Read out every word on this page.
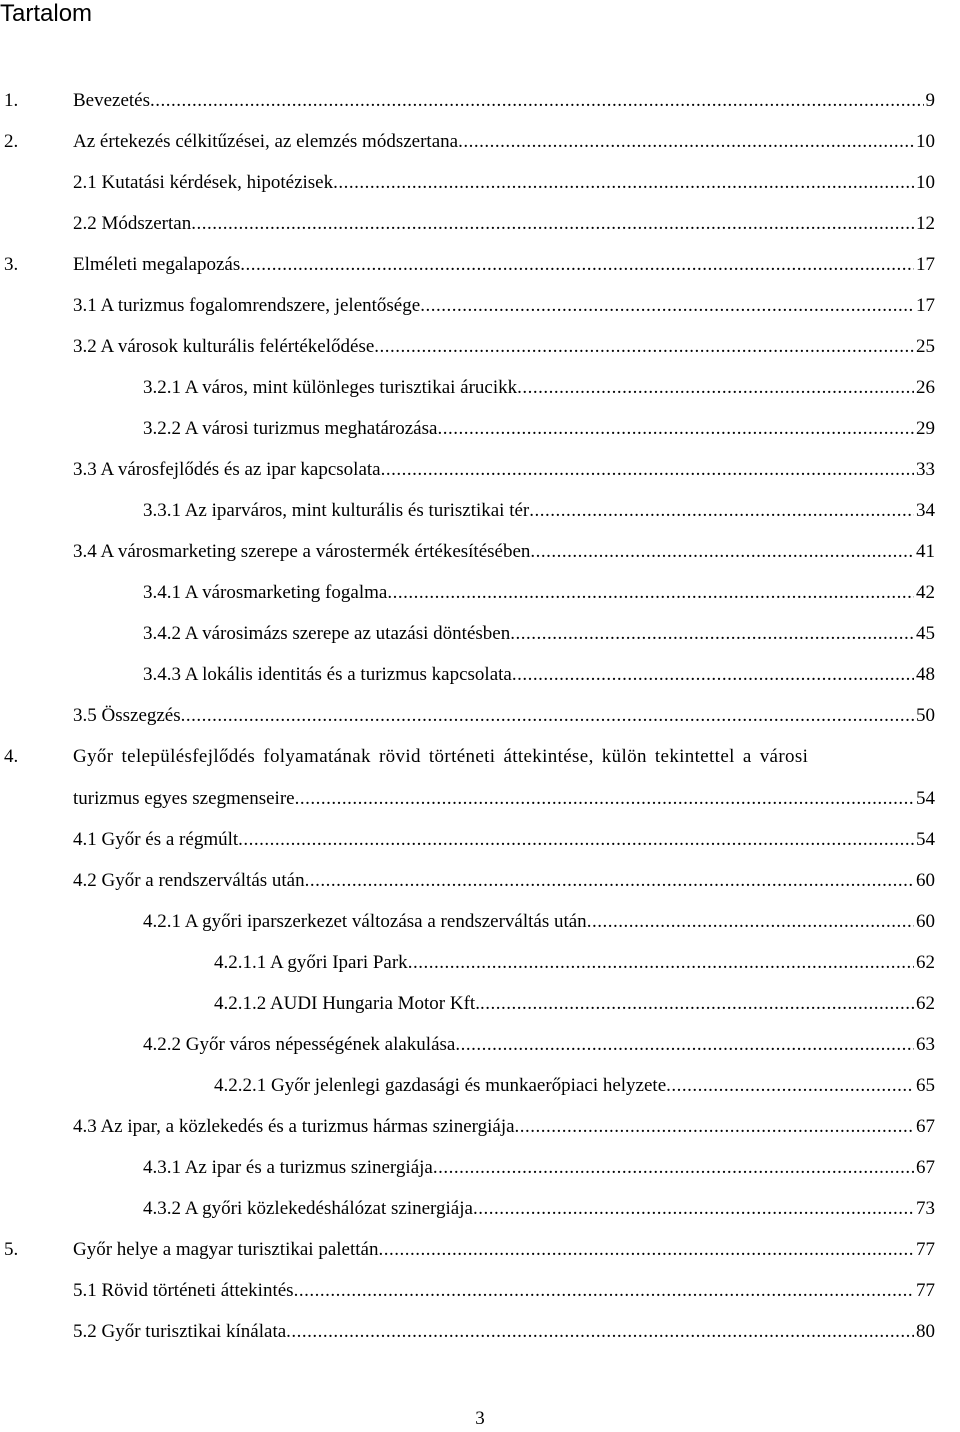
Tartalom
1.	Bevezetés .....	9
2.	Az értekezés célkitűzései, az elemzés módszertana .....	10
2.1 Kutatási kérdések, hipotézisek .....	10
2.2 Módszertan .....	12
3.	Elméleti megalapozás .....	17
3.1 A turizmus fogalomrendszere, jelentősége .....	17
3.2 A városok kulturális felértékelődése .....	25
3.2.1 A város, mint különleges turisztikai árucikk .....	26
3.2.2 A városi turizmus meghatározása .....	29
3.3 A városfejlődés és az ipar kapcsolata .....	33
3.3.1 Az iparváros, mint kulturális és turisztikai tér .....	34
3.4 A városmarketing szerepe a várostermék értékesítésében .....	41
3.4.1 A városmarketing fogalma .....	42
3.4.2 A városimázs szerepe az utazási döntésben .....	45
3.4.3 A lokális identitás és a turizmus kapcsolata .....	48
3.5 Összegzés .....	50
4.	Győr településfejlődés folyamatának rövid történeti áttekintése, külön tekintettel a városi
turizmus egyes szegmenseire .....	54
4.1 Győr és a régmúlt .....	54
4.2 Győr a rendszerváltás után .....	60
4.2.1 A győri iparszerkezet változása a rendszerváltás után .....	60
4.2.1.1 A győri Ipari Park .....	62
4.2.1.2 AUDI Hungaria Motor Kft. .....	62
4.2.2 Győr város népességének alakulása .....	63
4.2.2.1 Győr jelenlegi gazdasági és munkaerőpiaci helyzete .....	65
4.3 Az ipar, a közlekedés és a turizmus hármas szinergiája .....	67
4.3.1 Az ipar és a turizmus szinergiája .....	67
4.3.2 A győri közlekedéshálózat szinergiája .....	73
5.	Győr helye a magyar turisztikai palettán .....	77
5.1 Rövid történeti áttekintés .....	77
5.2 Győr turisztikai kínálata .....	80
3
